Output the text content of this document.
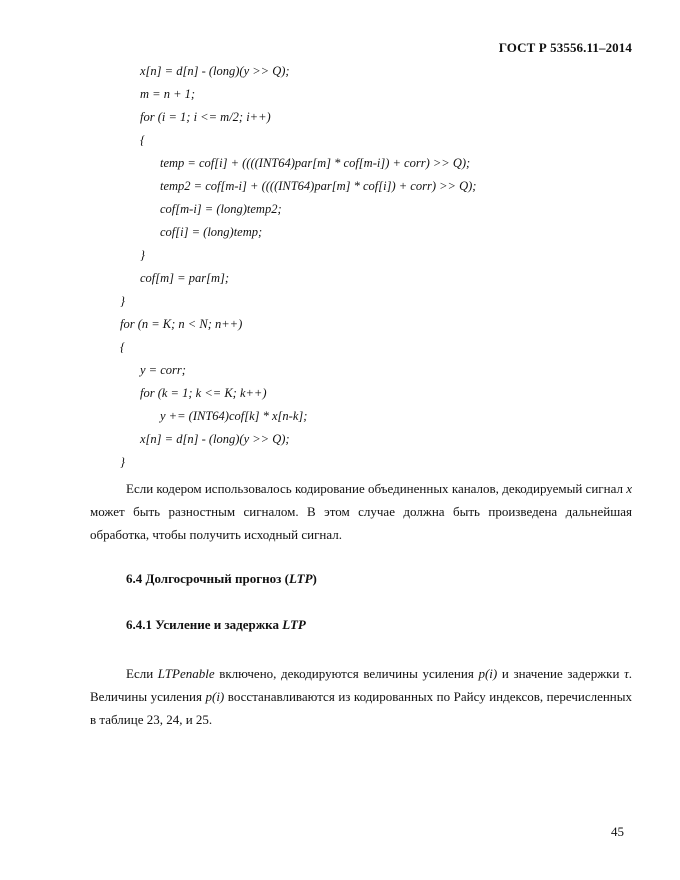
ГОСТ Р 53556.11–2014
x[n] = d[n] - (long)(y >> Q);
m = n + 1;
for (i = 1; i <= m/2; i++)
{
temp = cof[i] + ((((INT64)par[m] * cof[m-i]) + corr) >> Q);
temp2 = cof[m-i] + ((((INT64)par[m] * cof[i]) + corr) >> Q);
cof[m-i] = (long)temp2;
cof[i] = (long)temp;
}
cof[m] = par[m];
}
for (n = K; n < N; n++)
{
y = corr;
for (k = 1; k <= K; k++)
y += (INT64)cof[k] * x[n-k];
x[n] = d[n] - (long)(y >> Q);
}

Если кодером использовалось кодирование объединенных каналов, декодируемый сигнал x может быть разностным сигналом. В этом случае должна быть произведена дальнейшая обработка, чтобы получить исходный сигнал.

6.4 Долгосрочный прогноз (LTP)
6.4.1 Усиление и задержка LTP

Если LTPenable включено, декодируются величины усиления p(i) и значение задержки τ. Величины усиления p(i) восстанавливаются из кодированных по Райсу индексов, перечисленных в таблице 23, 24, и 25.

45
